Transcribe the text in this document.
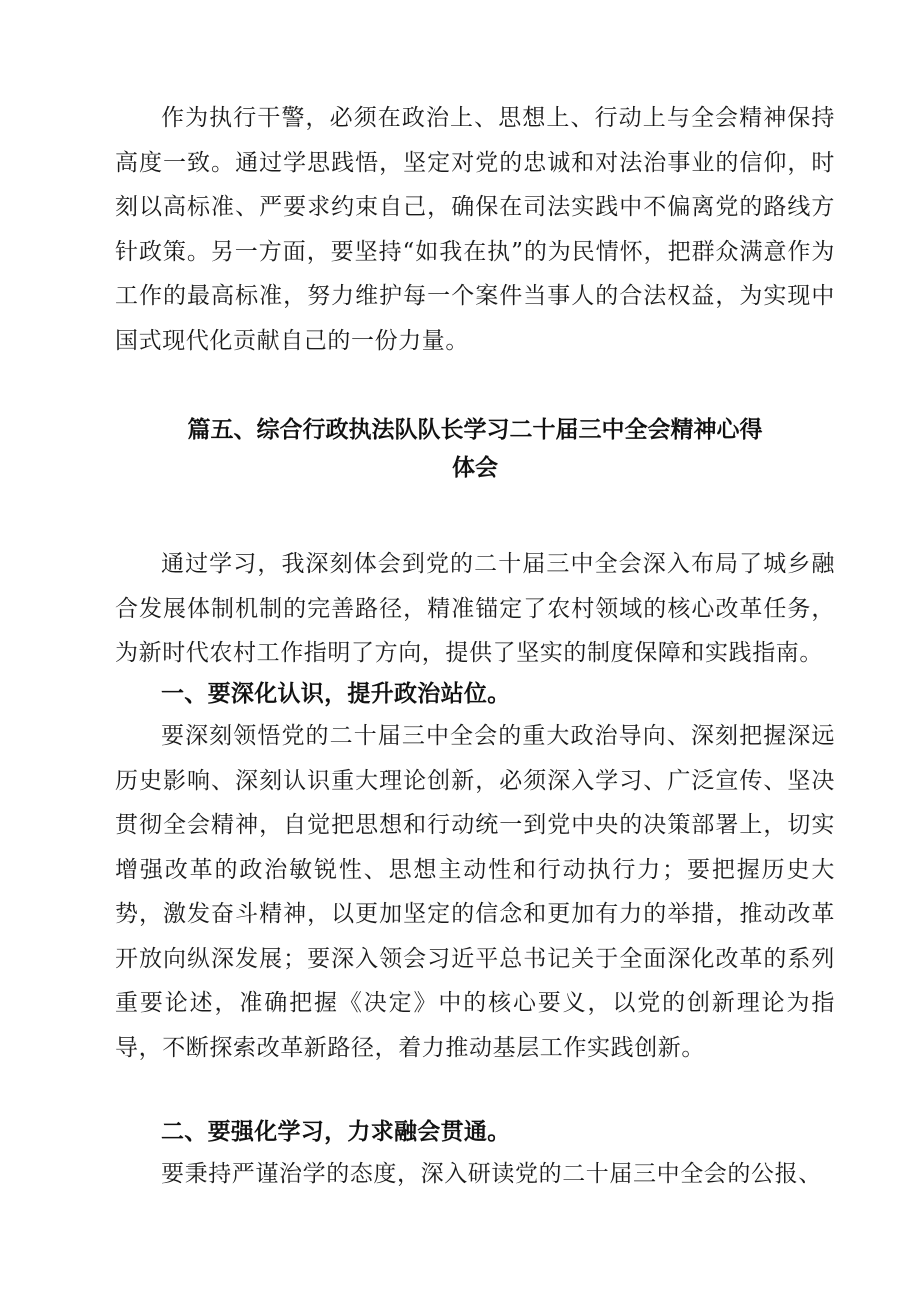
作为执行干警，必须在政治上、思想上、行动上与全会精神保持高度一致。通过学思践悟，坚定对党的忠诚和对法治事业的信仰，时刻以高标准、严要求约束自己，确保在司法实践中不偏离党的路线方针政策。另一方面，要坚持“如我在执”的为民情怀，把群众满意作为工作的最高标准，努力维护每一个案件当事人的合法权益，为实现中国式现代化贡献自己的一份力量。

篇五、综合行政执法队队长学习二十届三中全会精神心得
体会

通过学习，我深刻体会到党的二十届三中全会深入布局了城乡融合发展体制机制的完善路径，精准锚定了农村领域的核心改革任务，为新时代农村工作指明了方向，提供了坚实的制度保障和实践指南。

一、要深化认识，提升政治站位。

要深刻领悟党的二十届三中全会的重大政治导向、深刻把握深远历史影响、深刻认识重大理论创新，必须深入学习、广泛宣传、坚决贯彻全会精神，自觉把思想和行动统一到党中央的决策部署上，切实增强改革的政治敏锐性、思想主动性和行动执行力；要把握历史大势，激发奋斗精神，以更加坚定的信念和更加有力的举措，推动改革开放向纵深发展；要深入领会习近平总书记关于全面深化改革的系列重要论述，准确把握《决定》中的核心要义，以党的创新理论为指导，不断探索改革新路径，着力推动基层工作实践创新。

二、要强化学习，力求融会贯通。

要秉持严谨治学的态度，深入研读党的二十届三中全会的公报、
